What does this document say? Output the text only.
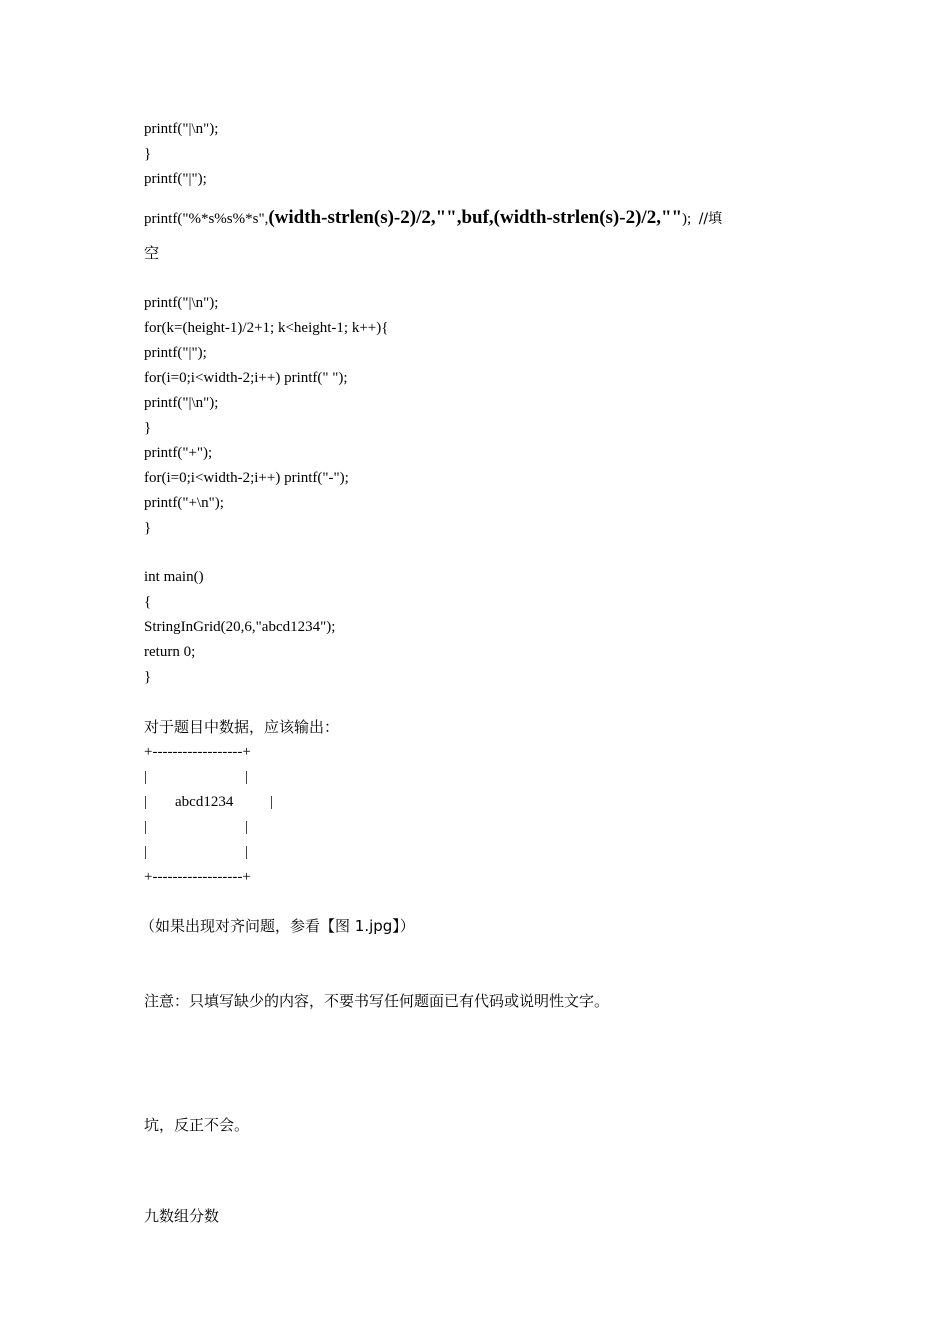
printf("|\n");
}
printf("|");
printf("%*s%s%*s",(width-strlen(s)-2)/2,"",buf,(width-strlen(s)-2)/2,""); //填
空
printf("|\n");
for(k=(height-1)/2+1; k<height-1; k++){
printf("|");
for(i=0;i<width-2;i++) printf(" ");
printf("|\n");
}
printf("+");
for(i=0;i<width-2;i++) printf("-");
printf("+\n");
}
int main()
{
StringInGrid(20,6,"abcd1234");
return 0;
}
对于题目中数据，应该输出：
+------------------+
|	|
| abcd1234 |
|	|
|	|
+------------------+
（如果出现对齐问题，参看【图 1.jpg】）
注意：只填写缺少的内容，不要书写任何题面已有代码或说明性文字。
坑，反正不会。
九数组分数
